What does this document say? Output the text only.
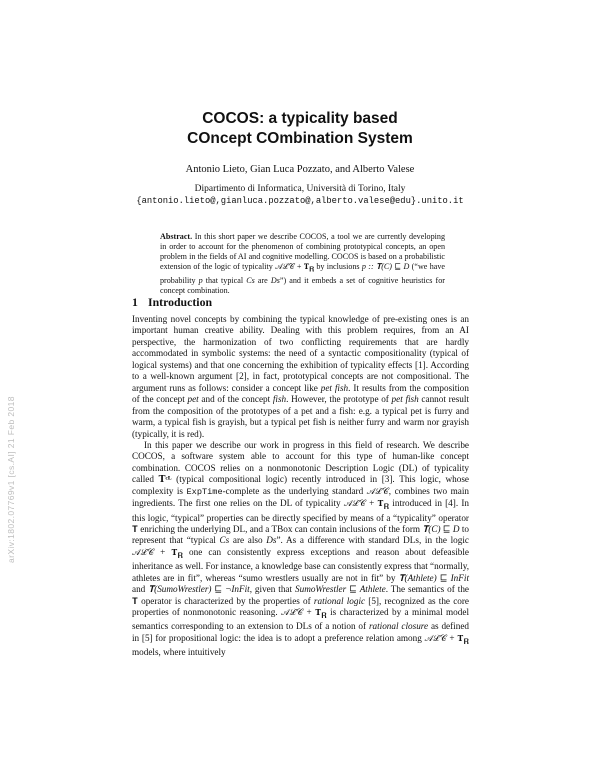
arXiv:1802.07769v1 [cs.AI] 21 Feb 2018
COCOS: a typicality based
COncept COmbination System
Antonio Lieto, Gian Luca Pozzato, and Alberto Valese
Dipartimento di Informatica, Università di Torino, Italy
{antonio.lieto@,gianluca.pozzato@,alberto.valese@edu}.unito.it
Abstract. In this short paper we describe COCOS, a tool we are currently developing in order to account for the phenomenon of combining prototypical concepts, an open problem in the fields of AI and cognitive modelling. COCOS is based on a probabilistic extension of the logic of typicality 𝒜ℒ𝒞 + 𝐓$_𝐑$ by inclusions p :: 𝐓(C) ⊑ D (“we have probability p that typical Cs are Ds”) and it embeds a set of cognitive heuristics for concept combination.
1 Introduction

Inventing novel concepts by combining the typical knowledge of pre-existing ones is an important human creative ability. Dealing with this problem requires, from an AI perspective, the harmonization of two conflicting requirements that are hardly accommodated in symbolic systems: the need of a syntactic compositionality (typical of logical systems) and that one concerning the exhibition of typicality effects [1]. According to a well-known argument [2], in fact, prototypical concepts are not compositional. The argument runs as follows: consider a concept like pet fish. It results from the composition of the concept pet and of the concept fish. However, the prototype of pet fish cannot result from the composition of the prototypes of a pet and a fish: e.g. a typical pet is furry and warm, a typical fish is grayish, but a typical pet fish is neither furry and warm nor grayish (typically, it is red).

In this paper we describe our work in progress in this field of research. We describe COCOS, a software system able to account for this type of human-like concept combination. COCOS relies on a nonmonotonic Description Logic (DL) of typicality called 𝐓ᶜᴸ (typical compositional logic) recently introduced in [3]. This logic, whose complexity is ExpTime-complete as the underlying standard 𝒜ℒ𝒞, combines two main ingredients. The first one relies on the DL of typicality 𝒜ℒ𝒞 + 𝐓$_𝐑$ introduced in [4]. In this logic, “typical” properties can be directly specified by means of a “typicality” operator 𝐓 enriching the underlying DL, and a TBox can contain inclusions of the form 𝐓(C) ⊑ D to represent that “typical Cs are also Ds”. As a difference with standard DLs, in the logic 𝒜ℒ𝒞 + 𝐓$_𝐑$ one can consistently express exceptions and reason about defeasible inheritance as well. For instance, a knowledge base can consistently express that “normally, athletes are in fit”, whereas “sumo wrestlers usually are not in fit” by 𝐓(Athlete) ⊑ InFit and 𝐓(SumoWrestler) ⊑ ¬InFit, given that SumoWrestler ⊑ Athlete. The semantics of the 𝐓 operator is characterized by the properties of rational logic [5], recognized as the core properties of nonmonotonic reasoning. 𝒜ℒ𝒞 + 𝐓$_𝐑$ is characterized by a minimal model semantics corresponding to an extension to DLs of a notion of rational closure as defined in [5] for propositional logic: the idea is to adopt a preference relation among 𝒜ℒ𝒞 + 𝐓$_𝐑$ models, where intuitively
